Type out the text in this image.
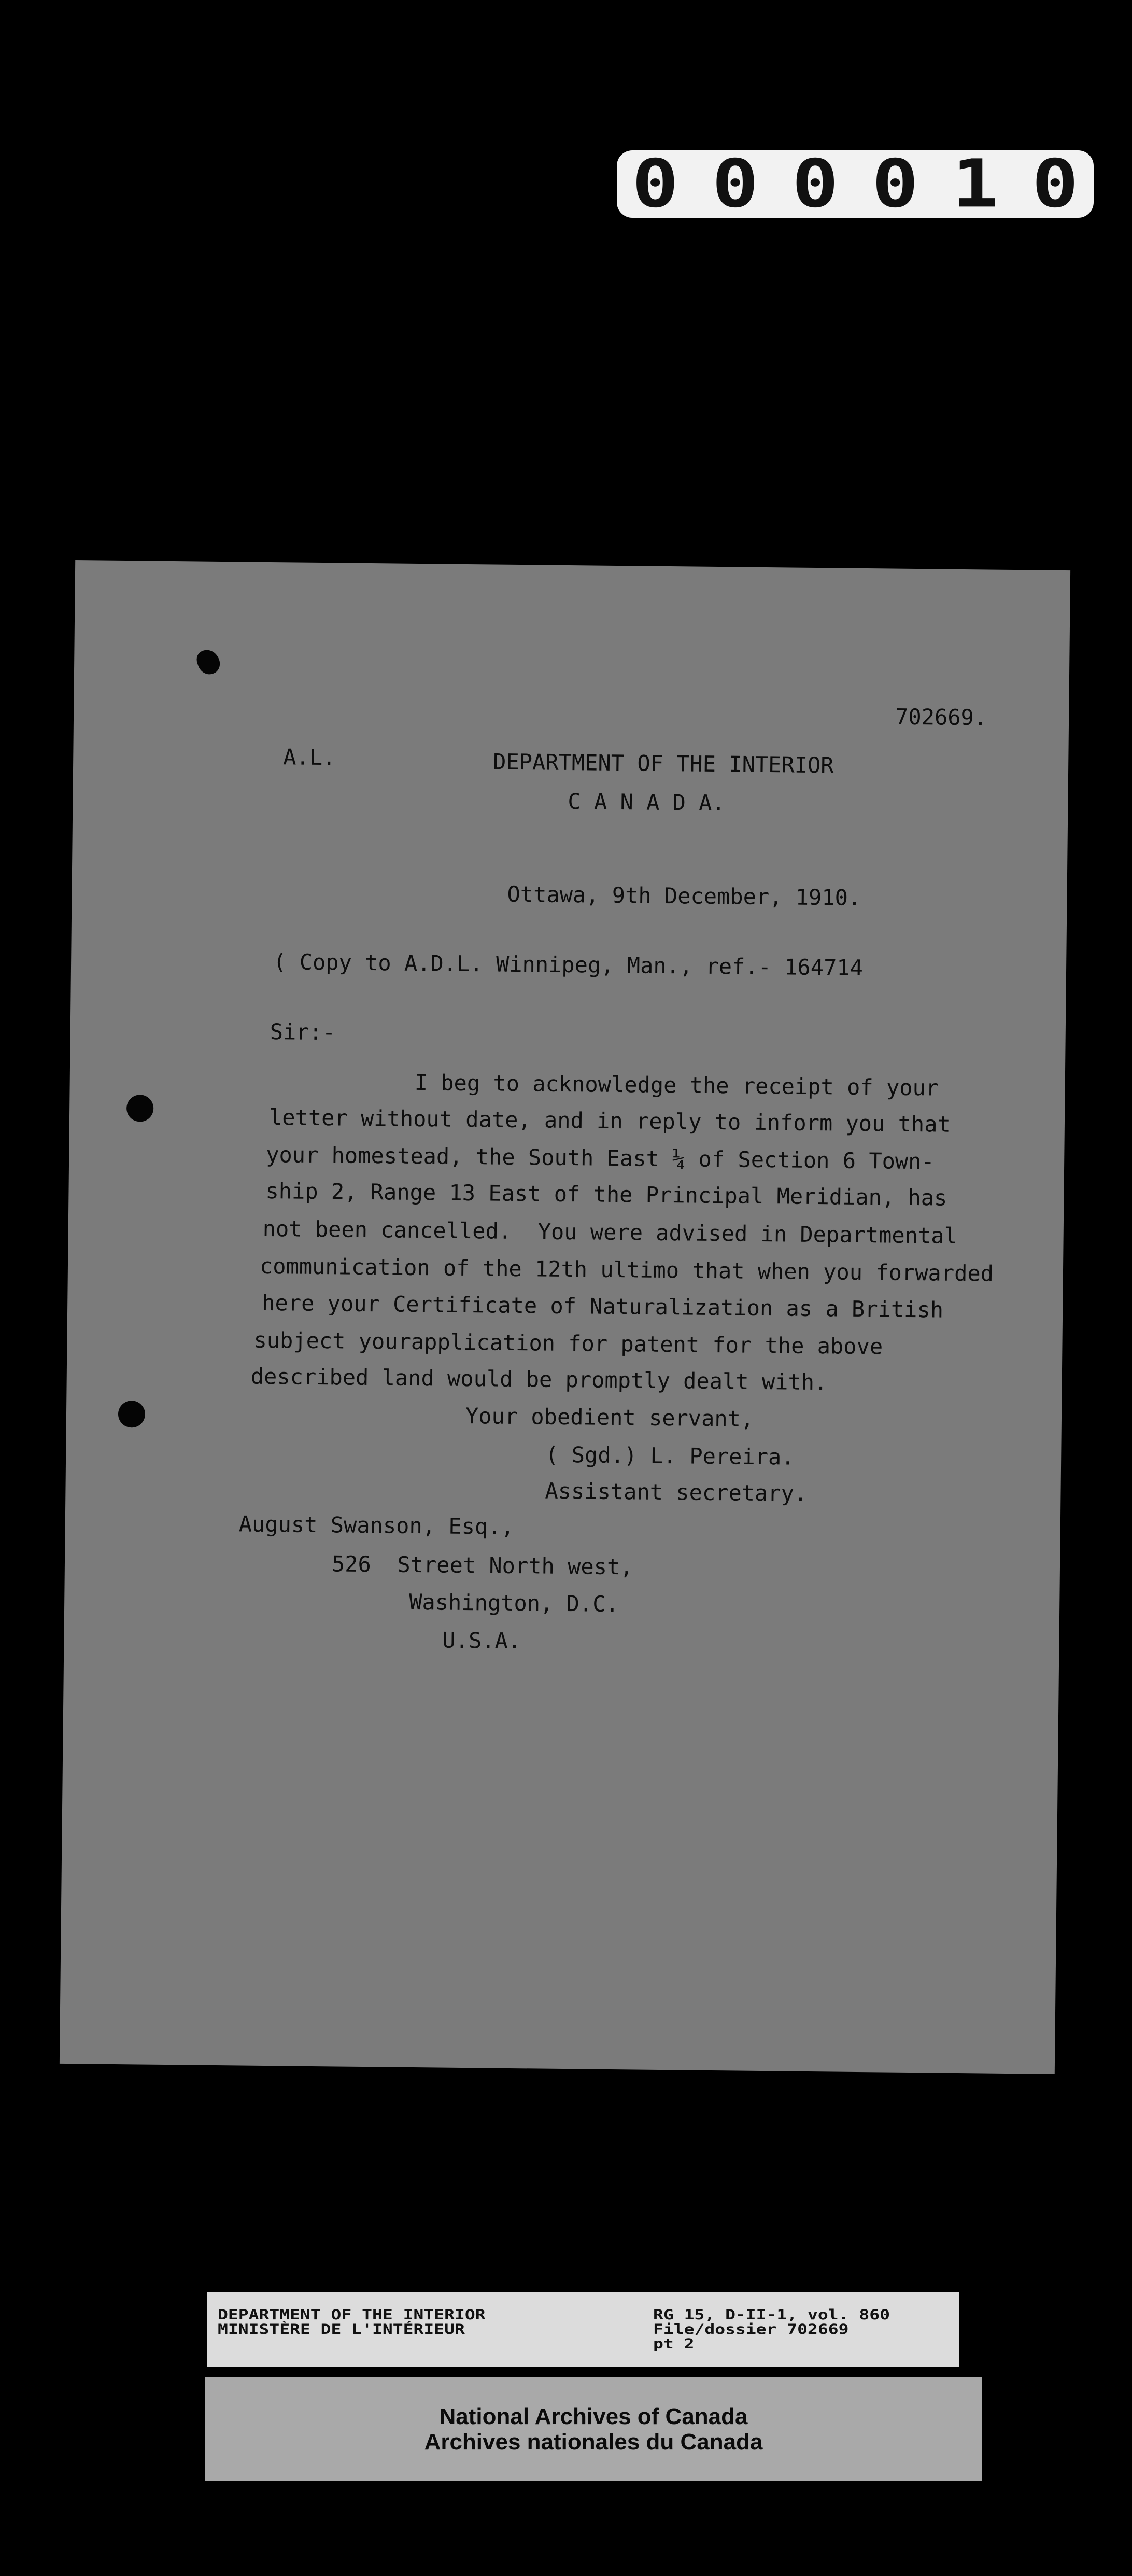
000010
702669.
A.L.	DEPARTMENT OF THE INTERIOR
C A N A D A.
Ottawa, 9th December, 1910.
( Copy to A.D.L. Winnipeg, Man., ref.- 164714
Sir:-
I beg to acknowledge the receipt of your
letter without date, and in reply to inform you that
your homestead, the South East ¼ of Section 6 Town-
ship 2, Range 13 East of the Principal Meridian, has
not been cancelled.  You were advised in Departmental
communication of the 12th ultimo that when you forwarded
here your Certificate of Naturalization as a British
subject yourapplication for patent for the above
described land would be promptly dealt with.
Your obedient servant,
( Sgd.) L. Pereira.
Assistant secretary.
August Swanson, Esq.,
526  Street North west,
Washington, D.C.
U.S.A.
DEPARTMENT OF THE INTERIOR
MINISTÈRE DE L'INTÉRIEUR
RG 15, D-II-1, vol. 860
File/dossier 702669
pt 2
National Archives of Canada
Archives nationales du Canada
